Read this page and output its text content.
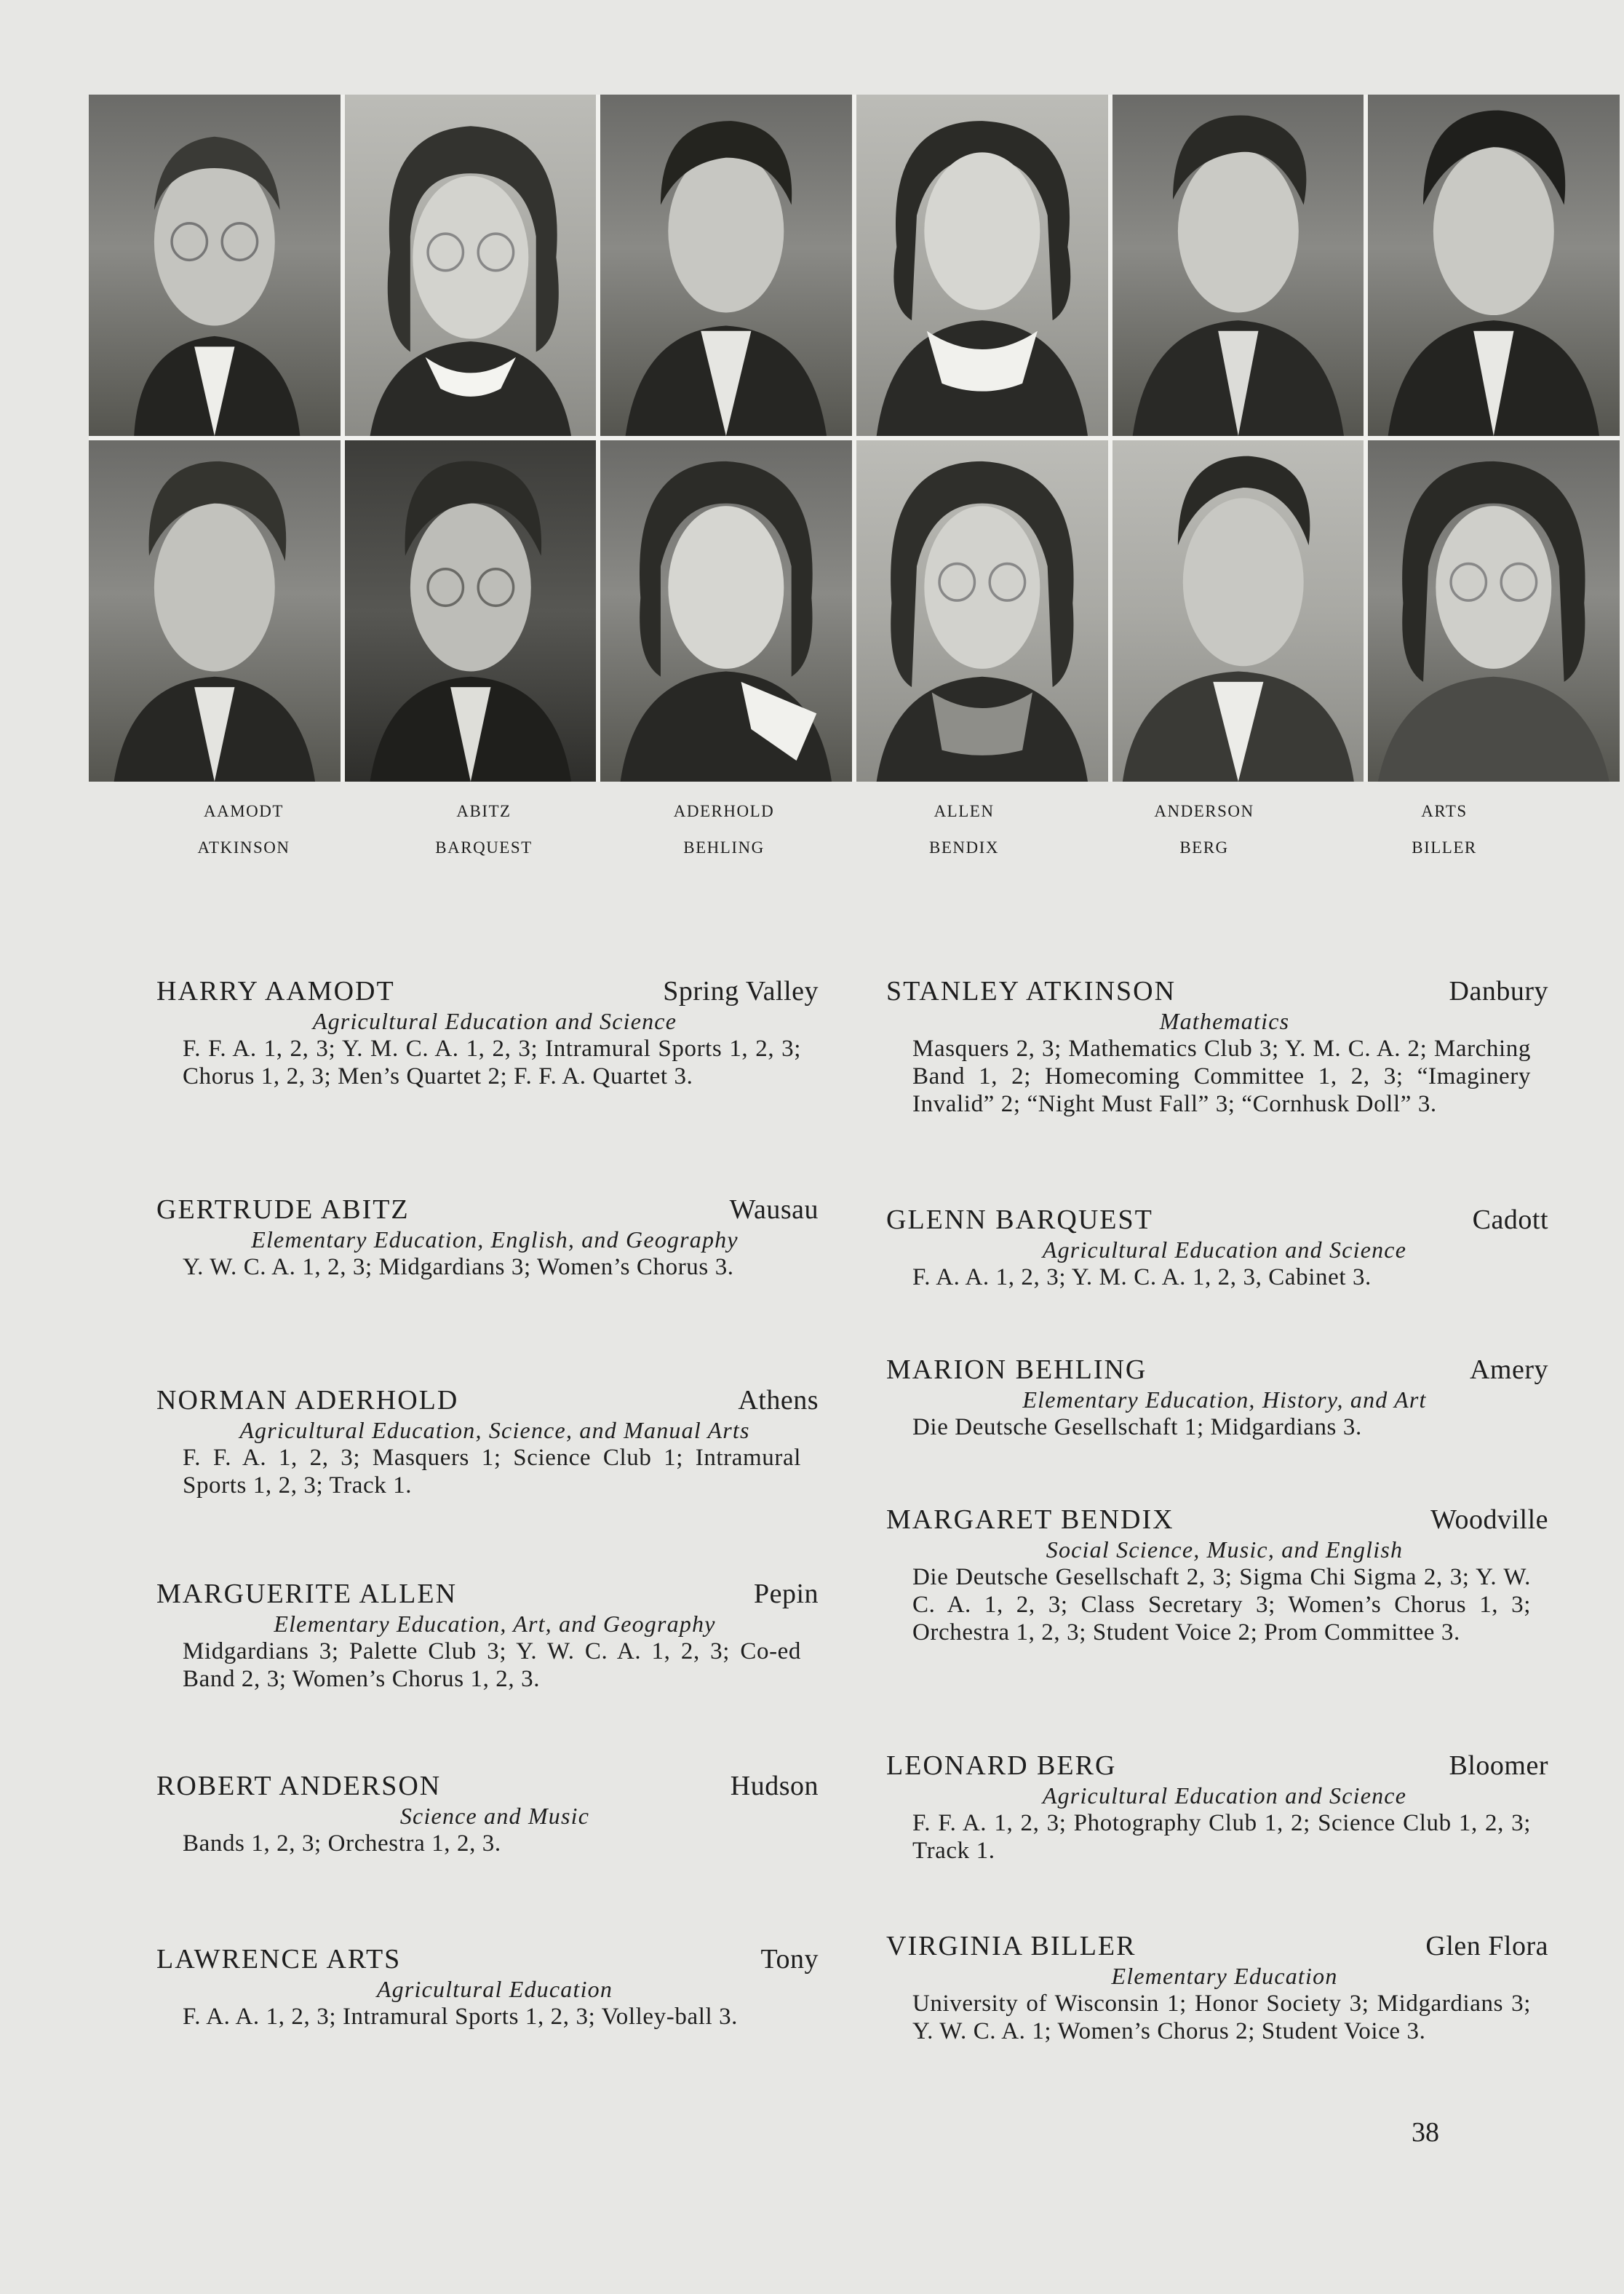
AAMODT	ABITZ	ADERHOLD	ALLEN	ANDERSON	ARTS
ATKINSON	BARQUEST	BEHLING	BENDIX	BERG	BILLER
HARRY AAMODT	Spring Valley
Agricultural Education and Science
F. F. A. 1, 2, 3; Y. M. C. A. 1, 2, 3; Intramural Sports 1, 2, 3; Chorus 1, 2, 3; Men’s Quartet 2; F. F. A. Quartet 3.
GERTRUDE ABITZ	Wausau
Elementary Education, English, and Geography
Y. W. C. A. 1, 2, 3; Midgardians 3; Women’s Chorus 3.
NORMAN ADERHOLD	Athens
Agricultural Education, Science, and Manual Arts
F. F. A. 1, 2, 3; Masquers 1; Science Club 1; Intramural Sports 1, 2, 3; Track 1.
MARGUERITE ALLEN	Pepin
Elementary Education, Art, and Geography
Midgardians 3; Palette Club 3; Y. W. C. A. 1, 2, 3; Co-ed Band 2, 3; Women’s Chorus 1, 2, 3.
ROBERT ANDERSON	Hudson
Science and Music
Bands 1, 2, 3; Orchestra 1, 2, 3.
LAWRENCE ARTS	Tony
Agricultural Education
F. A. A. 1, 2, 3; Intramural Sports 1, 2, 3; Volley-ball 3.
STANLEY ATKINSON	Danbury
Mathematics
Masquers 2, 3; Mathematics Club 3; Y. M. C. A. 2; Marching Band 1, 2; Homecoming Committee 1, 2, 3; “Imaginery Invalid” 2; “Night Must Fall” 3; “Cornhusk Doll” 3.
GLENN BARQUEST	Cadott
Agricultural Education and Science
F. A. A. 1, 2, 3; Y. M. C. A. 1, 2, 3, Cabinet 3.
MARION BEHLING	Amery
Elementary Education, History, and Art
Die Deutsche Gesellschaft 1; Midgardians 3.
MARGARET BENDIX	Woodville
Social Science, Music, and English
Die Deutsche Gesellschaft 2, 3; Sigma Chi Sigma 2, 3; Y. W. C. A. 1, 2, 3; Class Secretary 3; Women’s Chorus 1, 3; Orchestra 1, 2, 3; Student Voice 2; Prom Committee 3.
LEONARD BERG	Bloomer
Agricultural Education and Science
F. F. A. 1, 2, 3; Photography Club 1, 2; Science Club 1, 2, 3; Track 1.
VIRGINIA BILLER	Glen Flora
Elementary Education
University of Wisconsin 1; Honor Society 3; Midgardians 3; Y. W. C. A. 1; Women’s Chorus 2; Student Voice 3.
38
